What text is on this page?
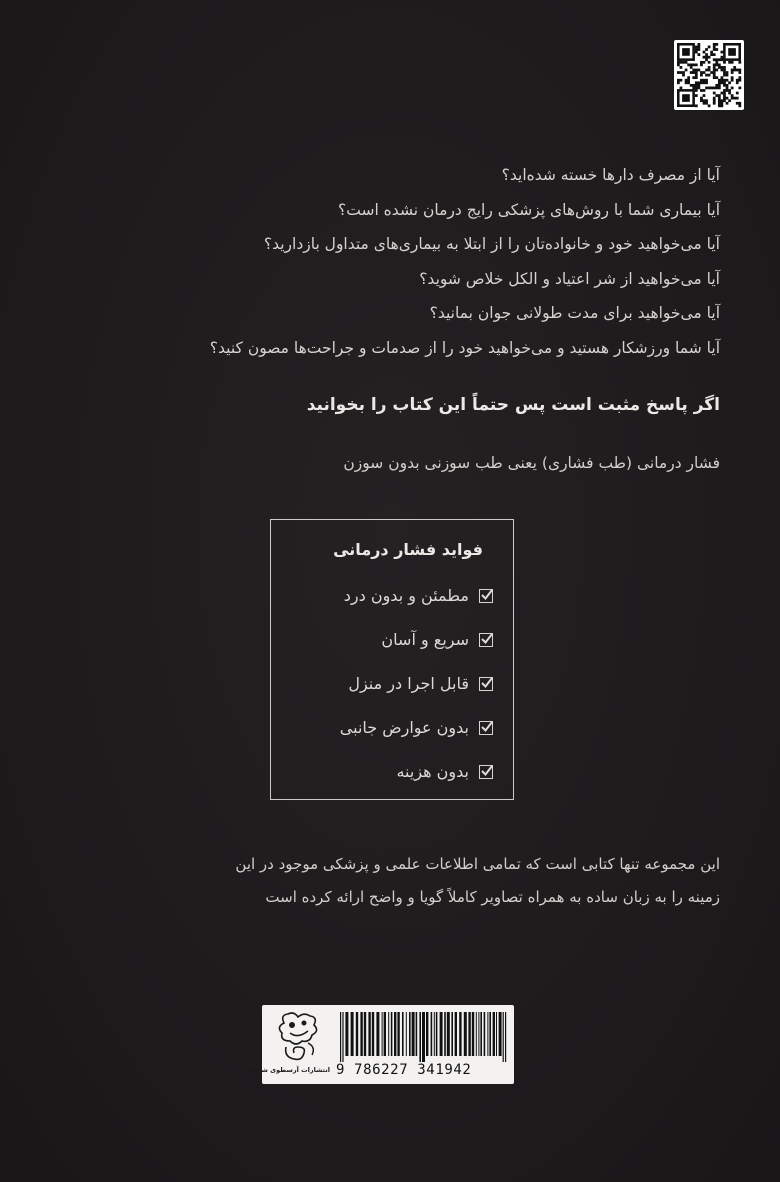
آیا از مصرف دارها خسته شده‌اید؟

آیا بیماری شما با روش‌های پزشکی رایج درمان نشده است؟

آیا می‌خواهید خود و خانواده‌تان را از ابتلا به بیماری‌های متداول بازدارید؟

آیا می‌خواهید از شر اعتیاد و الکل خلاص شوید؟

آیا می‌خواهید برای مدت طولانی جوان بمانید؟

آیا شما ورزشکار هستید و می‌خواهید خود را از صدمات و جراحت‌ها مصون کنید؟

اگر پاسخ مثبت است پس حتماً این کتاب را بخوانید

فشار درمانی (طب فشاری) یعنی طب سوزنی بدون سوزن

فواید فشار درمانی

مطمئن و بدون درد
سریع و آسان
قابل اجرا در منزل
بدون عوارض جانبی
بدون هزینه

این مجموعه تنها کتابی است که تمامی اطلاعات علمی و پزشکی موجود در این

زمینه را به زبان ساده به همراه تصاویر کاملاً گویا و واضح ارائه کرده است

انتشارات آرسطوی شلاقی 9 786227 341942
